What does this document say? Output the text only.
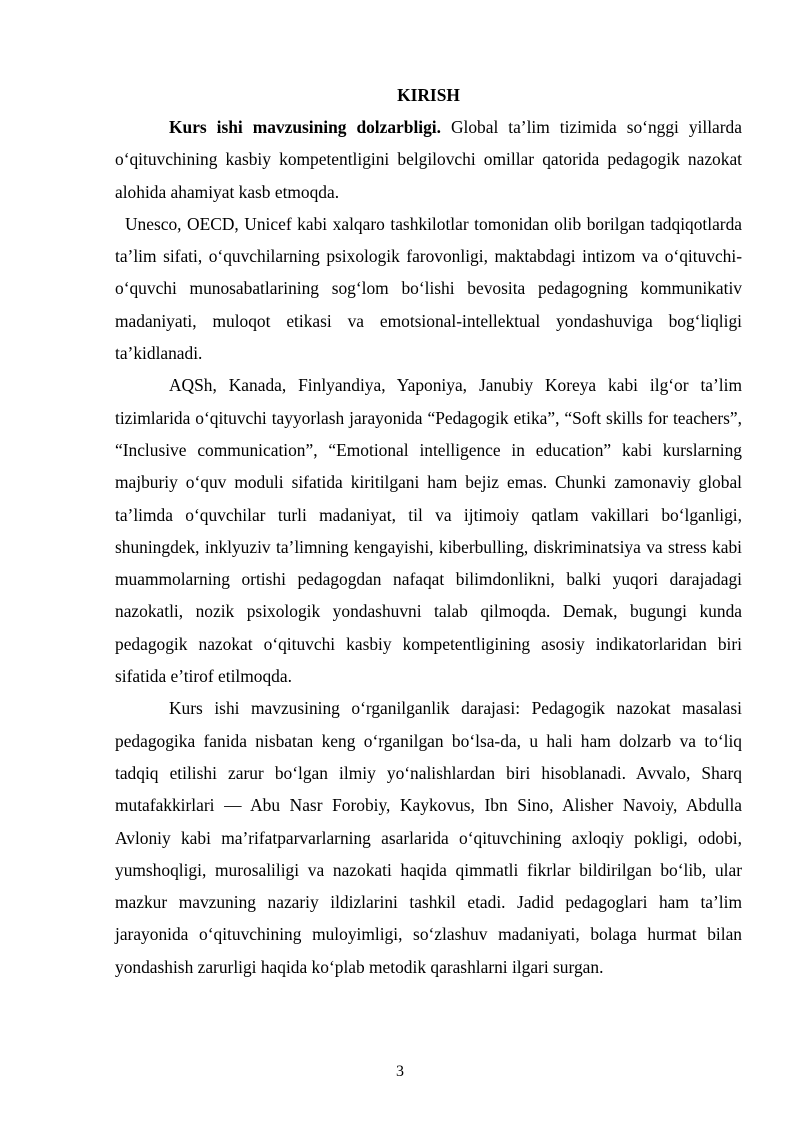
KIRISH

Kurs ishi mavzusining dolzarbligi. Global ta’lim tizimida so‘nggi yillarda o‘qituvchining kasbiy kompetentligini belgilovchi omillar qatorida pedagogik nazokat alohida ahamiyat kasb etmoqda.

Unesco, OECD, Unicef kabi xalqaro tashkilotlar tomonidan olib borilgan tadqiqotlarda ta’lim sifati, o‘quvchilarning psixologik farovonligi, maktabdagi intizom va o‘qituvchi-o‘quvchi munosabatlarining sog‘lom bo‘lishi bevosita pedagogning kommunikativ madaniyati, muloqot etikasi va emotsional-intellektual yondashuviga bog‘liqligi ta’kidlanadi.

AQSh, Kanada, Finlyandiya, Yaponiya, Janubiy Koreya kabi ilg‘or ta’lim tizimlarida o‘qituvchi tayyorlash jarayonida “Pedagogik etika”, “Soft skills for teachers”, “Inclusive communication”, “Emotional intelligence in education” kabi kurslarning majburiy o‘quv moduli sifatida kiritilgani ham bejiz emas. Chunki zamonaviy global ta’limda o‘quvchilar turli madaniyat, til va ijtimoiy qatlam vakillari bo‘lganligi, shuningdek, inklyuziv ta’limning kengayishi, kiberbulling, diskriminatsiya va stress kabi muammolarning ortishi pedagogdan nafaqat bilimdonlikni, balki yuqori darajadagi nazokatli, nozik psixologik yondashuvni talab qilmoqda. Demak, bugungi kunda pedagogik nazokat o‘qituvchi kasbiy kompetentligining asosiy indikatorlaridan biri sifatida e’tirof etilmoqda.

Kurs ishi mavzusining o‘rganilganlik darajasi: Pedagogik nazokat masalasi pedagogika fanida nisbatan keng o‘rganilgan bo‘lsa-da, u hali ham dolzarb va to‘liq tadqiq etilishi zarur bo‘lgan ilmiy yo‘nalishlardan biri hisoblanadi. Avvalo, Sharq mutafakkirlari — Abu Nasr Forobiy, Kaykovus, Ibn Sino, Alisher Navoiy, Abdulla Avloniy kabi ma’rifatparvarlarning asarlarida o‘qituvchining axloqiy pokligi, odobi, yumshoqligi, murosaliligi va nazokati haqida qimmatli fikrlar bildirilgan bo‘lib, ular mazkur mavzuning nazariy ildizlarini tashkil etadi. Jadid pedagoglari ham ta’lim jarayonida o‘qituvchining muloyimligi, so‘zlashuv madaniyati, bolaga hurmat bilan yondashish zarurligi haqida ko‘plab metodik qarashlarni ilgari surgan.

3
